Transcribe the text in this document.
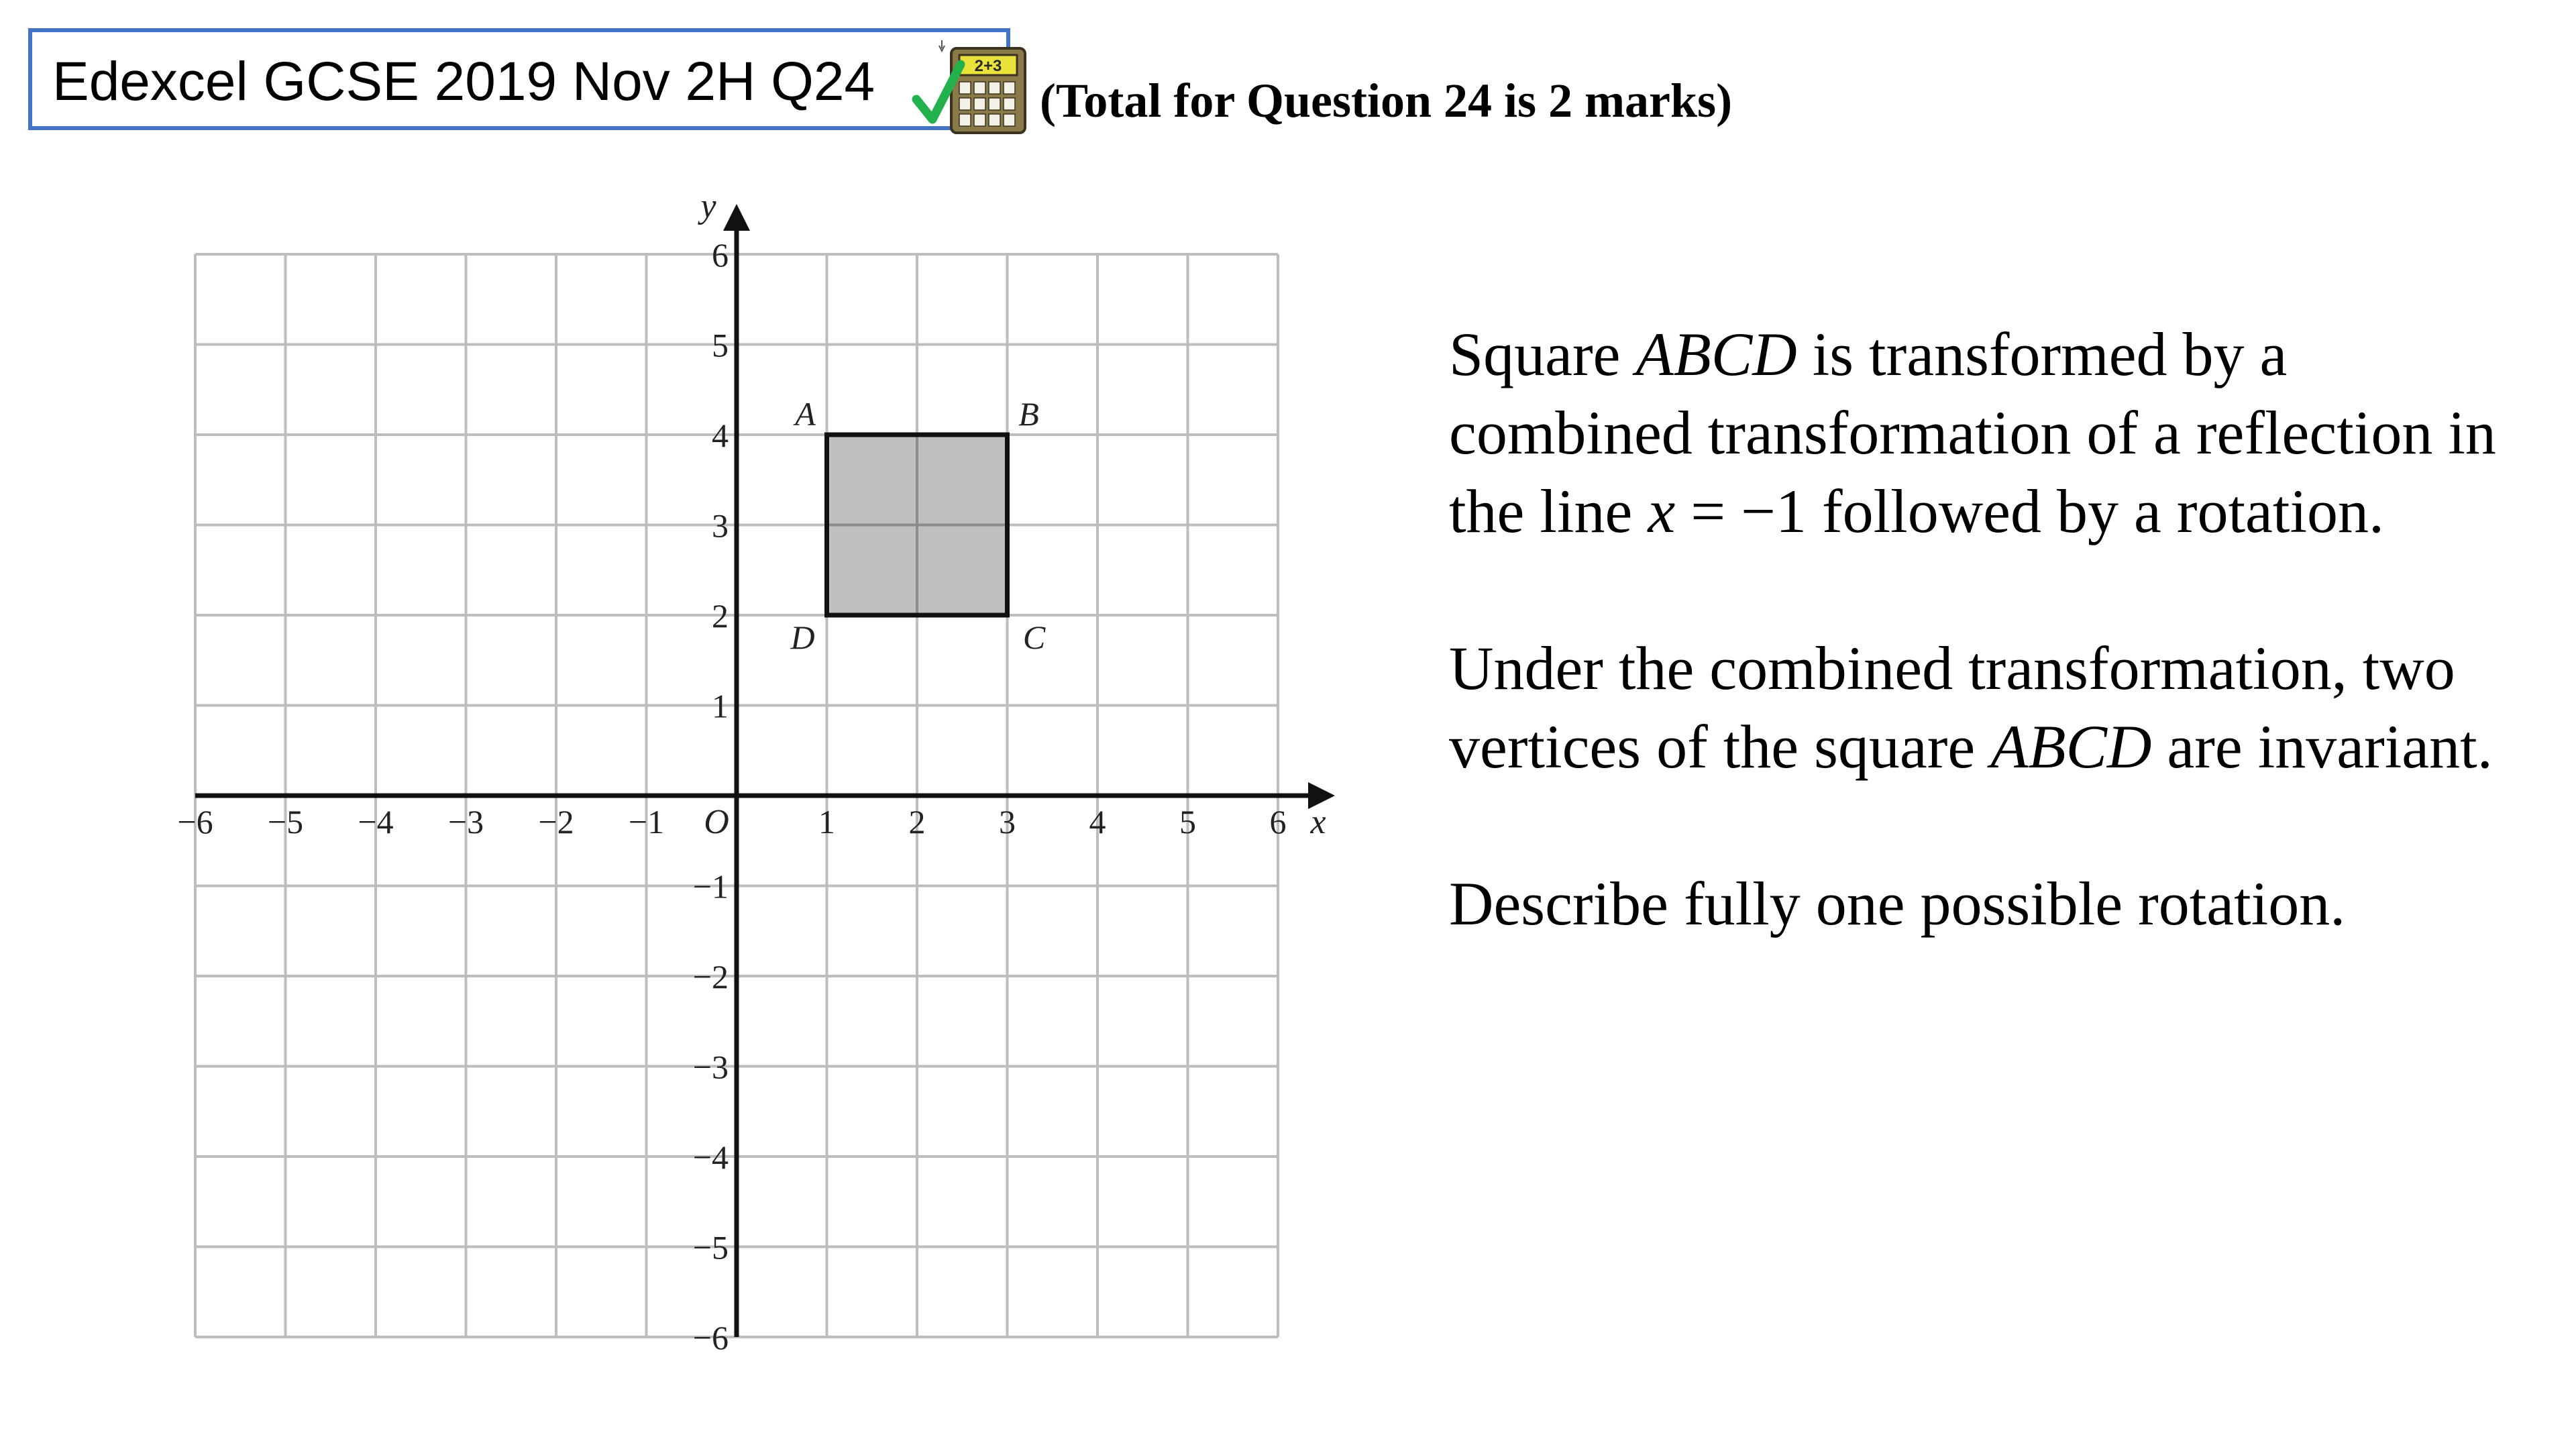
Edexcel GCSE 2019 Nov 2H Q24	2+3
(Total for Question 24 is 2 marks)
x
y
O
−6 −5 −4 −3 −2 −1	1 2 3 4 5 6
6
5
4
3
2
1
−1
−2
−3
−4
−5
−6
A	B
C
D

Square ABCD is transformed by a combined transformation of a reflection in the line x = −1 followed by a rotation.

Under the combined transformation, two vertices of the square ABCD are invariant.

Describe fully one possible rotation.
